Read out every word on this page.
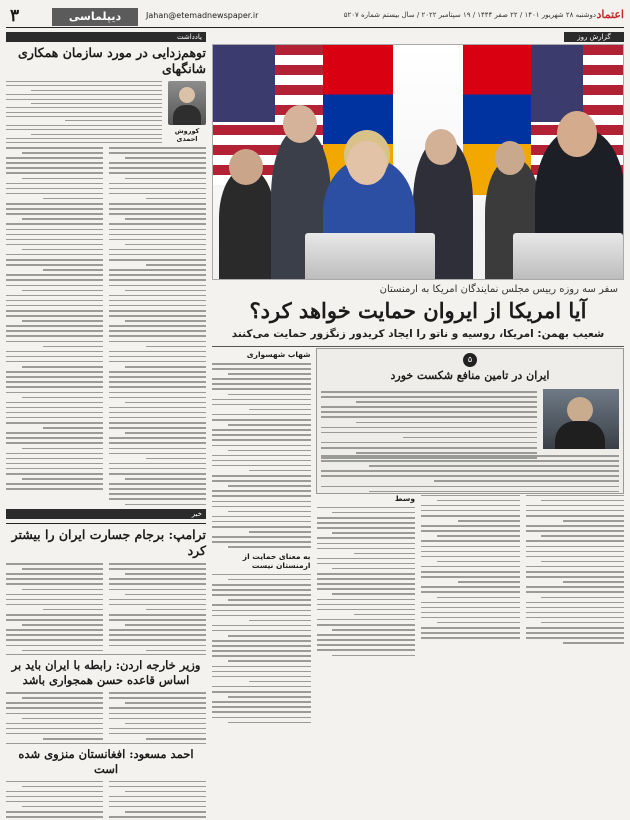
اعتماد
دوشنبه ۲۸ شهریور ۱۴۰۱ / ۲۲ صفر ۱۴۴۴ / ۱۹ سپتامبر ۲۰۲۲ / سال بیستم شماره ۵۲۰۷
Jahan@etemadnewspaper.ir
دیپلماسی
۳
یادداشت
توهم‌زدایی در مورد سازمان همکاری شانگهای
کوروش احمدی
خبر
ترامپ: برجام جسارت ایران را بیشتر کرد
وزیر خارجه اردن: رابطه با ایران باید بر اساس قاعده حسن همجواری باشد
احمد مسعود: افغانستان منزوی شده است
گزارش روز
سفر سه روزه رییس مجلس نمایندگان امریکا به ارمنستان
آیا امریکا از ایروان حمایت خواهد کرد؟
شعیب بهمن: امریکا، روسیه و ناتو را ایجاد کریدور زنگزور حمایت می‌کنند
وسط
شهاب شهسواری
به معنای حمایت از ارمنستان نیست
۵
ایران در تامین منافع شکست خورد
